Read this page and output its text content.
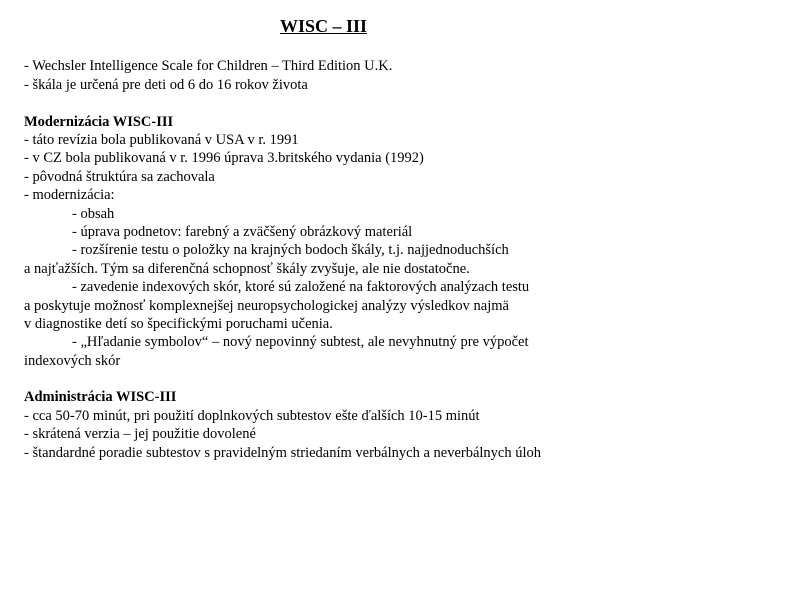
WISC – III
- Wechsler Intelligence Scale for Children – Third Edition U.K.
- škála je určená pre deti od 6 do 16 rokov života
Modernizácia WISC-III
- táto revízia bola publikovaná v USA v r. 1991
- v CZ bola publikovaná v r. 1996 úprava 3.britského vydania (1992)
- pôvodná štruktúra sa zachovala
- modernizácia:
- obsah
- úprava podnetov: farebný a zväčšený obrázkový materiál
- rozšírenie testu o položky na krajných bodoch škály, t.j. najjednoduchších
a najťažších. Tým sa diferenčná schopnosť škály zvyšuje, ale nie dostatočne.
- zavedenie indexových skór, ktoré sú založené na faktorových analýzach testu
a poskytuje možnosť komplexnejšej neuropsychologickej analýzy výsledkov najmä
v diagnostike detí so špecifickými poruchami učenia.
- „Hľadanie symbolov“ – nový nepovinný subtest, ale nevyhnutný pre výpočet
indexových skór
Administrácia WISC-III
- cca 50-70 minút, pri použití doplnkových subtestov ešte ďalších 10-15 minút
- skrátená verzia – jej použitie dovolené
- štandardné poradie subtestov s pravidelným striedaním verbálnych a neverbálnych úloh
